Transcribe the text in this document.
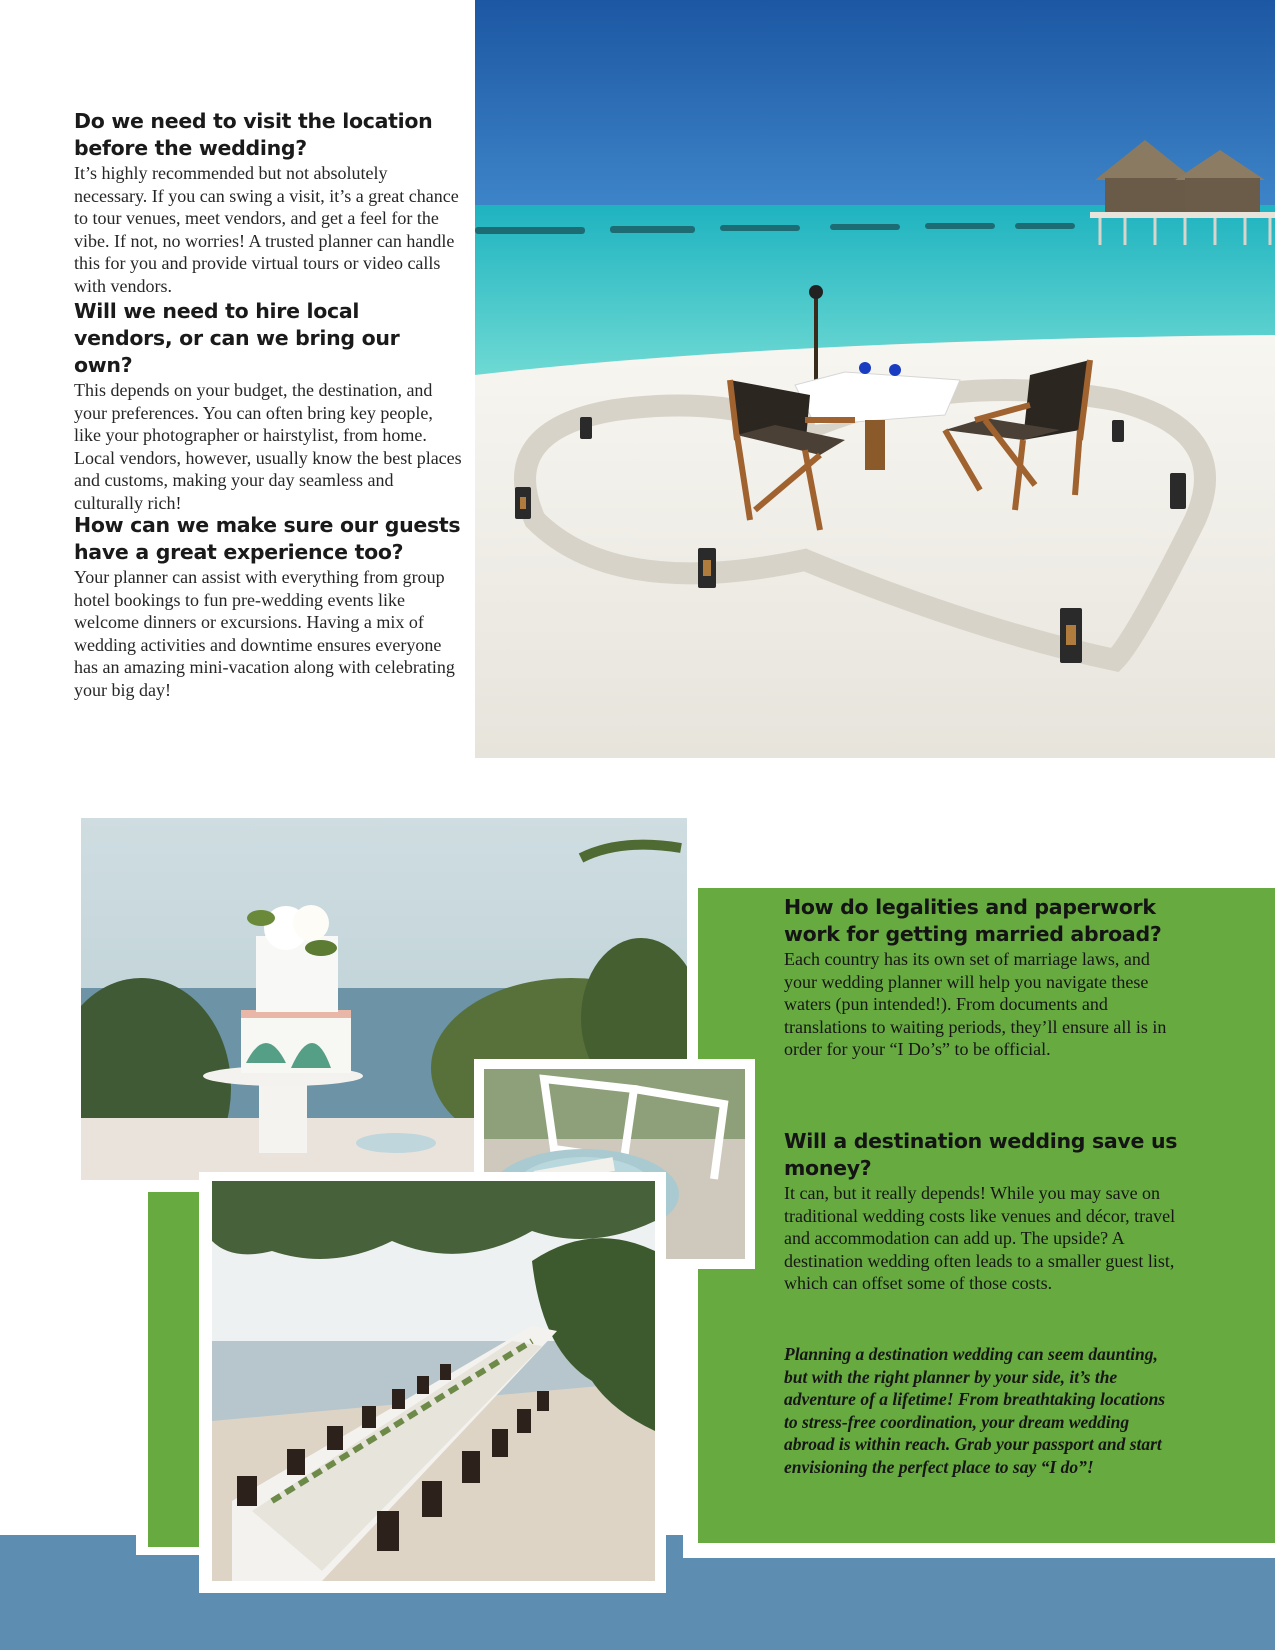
Do we need to visit the location before the wedding?

It’s highly recommended but not absolutely necessary. If you can swing a visit, it’s a great chance to tour venues, meet vendors, and get a feel for the vibe. If not, no worries! A trusted planner can handle this for you and provide virtual tours or video calls with vendors.

Will we need to hire local vendors, or can we bring our own?

This depends on your budget, the destination, and your preferences. You can often bring key people, like your photographer or hairstylist, from home. Local vendors, however, usually know the best places and customs, making your day seamless and culturally rich!

How can we make sure our guests have a great experience too?

Your planner can assist with everything from group hotel bookings to fun pre-wedding events like welcome dinners or excursions. Having a mix of wedding activities and downtime ensures everyone has an amazing mini-vacation along with celebrating your big day!

How do legalities and paperwork work for getting married abroad?

Each country has its own set of marriage laws, and your wedding planner will help you navigate these waters (pun intended!). From documents and translations to waiting periods, they’ll ensure all is in order for your “I Do’s” to be official.

Will a destination wedding save us money?

It can, but it really depends! While you may save on traditional wedding costs like venues and décor, travel and accommodation can add up. The upside? A destination wedding often leads to a smaller guest list, which can offset some of those costs.

Planning a destination wedding can seem daunting, but with the right planner by your side, it’s the adventure of a lifetime! From breathtaking locations to stress-free coordination, your dream wedding abroad is within reach. Grab your passport and start envisioning the perfect place to say “I do”!
